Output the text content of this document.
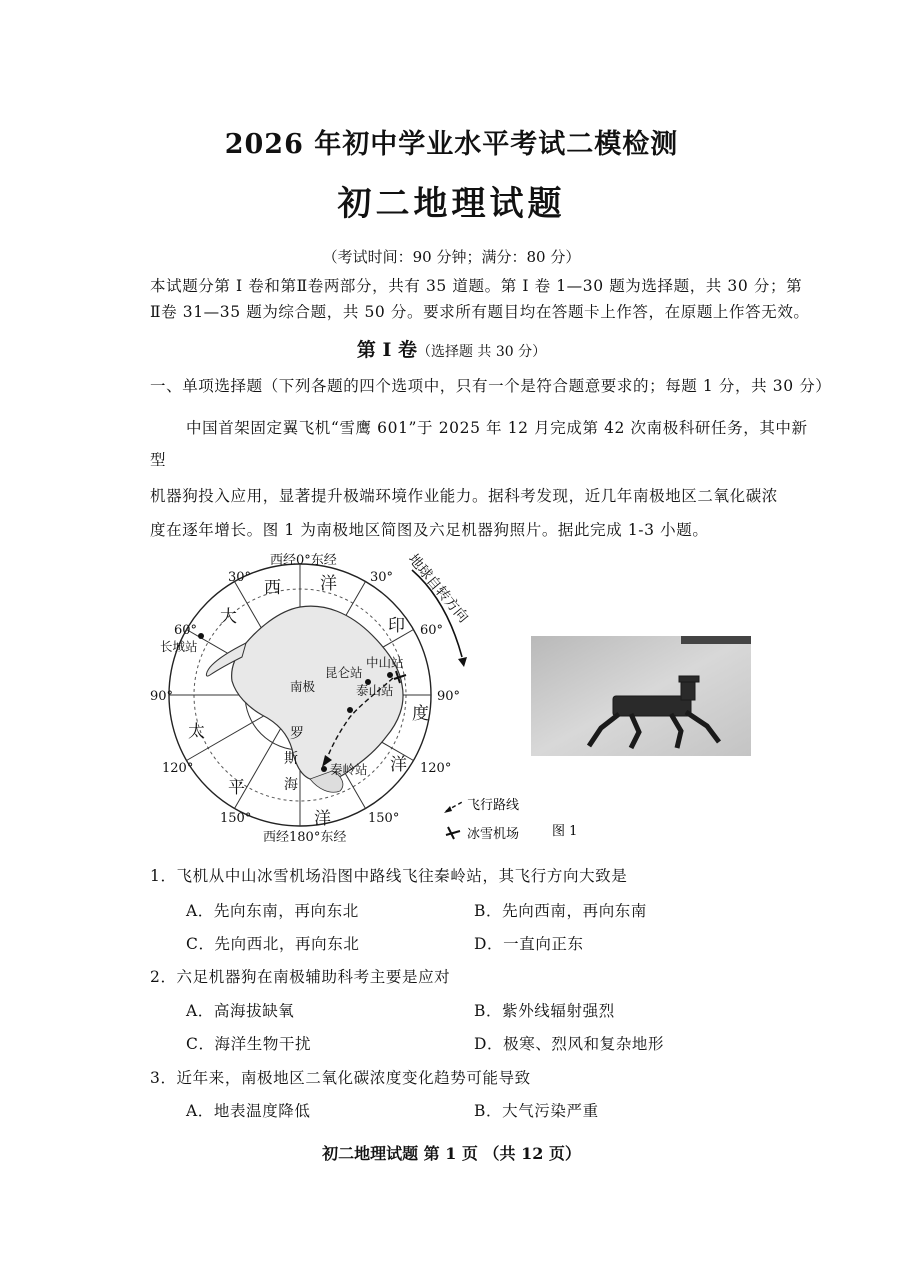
2026 年初中学业水平考试二模检测
初二地理试题
（考试时间：90 分钟；满分：80 分）
本试题分第 I 卷和第Ⅱ卷两部分，共有 35 道题。第 I 卷 1—30 题为选择题，共 30 分；第
Ⅱ卷 31—35 题为综合题，共 50 分。要求所有题目均在答题卡上作答，在原题上作答无效。
第 I 卷（选择题 共 30 分）
一、单项选择题（下列各题的四个选项中，只有一个是符合题意要求的；每题 1 分，共 30 分）
中国首架固定翼飞机“雪鹰 601”于 2025 年 12 月完成第 42 次南极科研任务，其中新
型
机器狗投入应用，显著提升极端环境作业能力。据科考发现，近几年南极地区二氧化碳浓
度在逐年增长。图 1 为南极地区简图及六足机器狗照片。据此完成 1-3 小题。
西经0°东经
西经180°东经
30°	30°
60°	60°
90°	90°
120°	120°
150°	150°
西 洋
大	印
太
度
平
洋
洋
罗
斯
海
长城站
昆仑站
中山站
泰山站
秦岭站
南极
地球自转方向
飞行路线
冰雪机场	图 1
1．飞机从中山冰雪机场沿图中路线飞往秦岭站，其飞行方向大致是
A．先向东南，再向东北	B．先向西南，再向东南
C．先向西北，再向东北	D．一直向正东
2．六足机器狗在南极辅助科考主要是应对
A．高海拔缺氧	B．紫外线辐射强烈
C．海洋生物干扰	D．极寒、烈风和复杂地形
3．近年来，南极地区二氧化碳浓度变化趋势可能导致
A．地表温度降低	B．大气污染严重
初二地理试题 第 1 页 （共 12 页）
